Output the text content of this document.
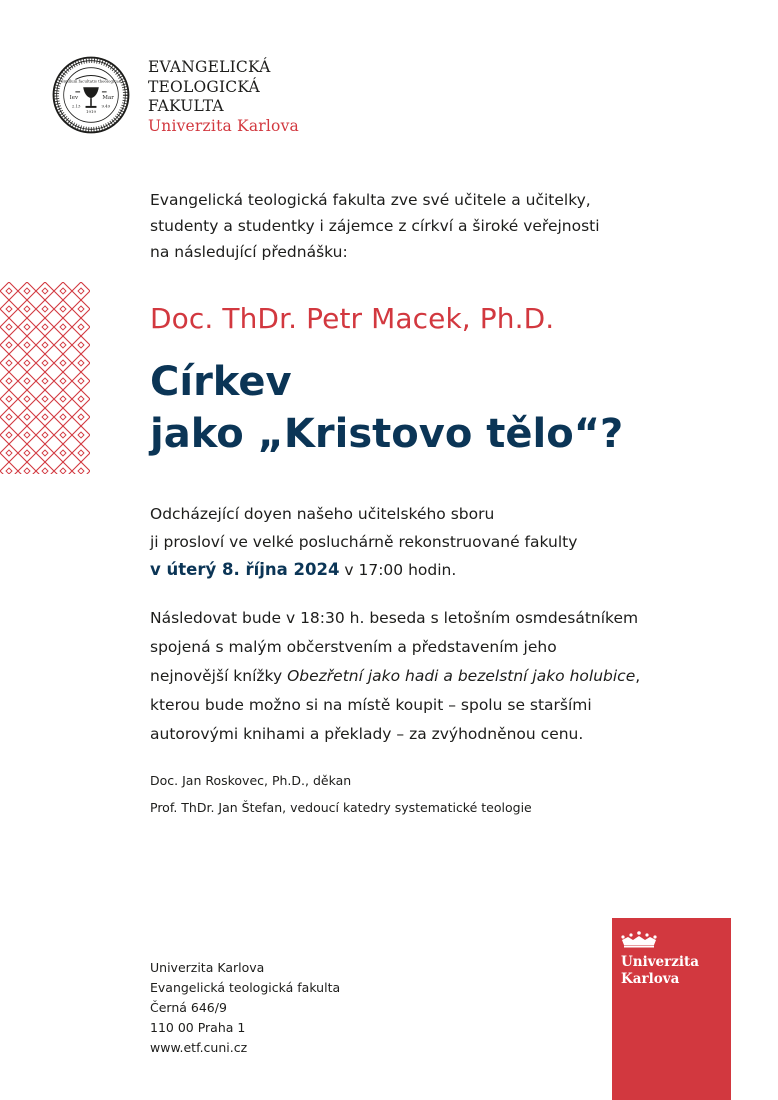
Sigillum facultatis theologicae
Iev	Mar
1919
2.13	9.49
EVANGELICKÁ
TEOLOGICKÁ
FAKULTA
Univerzita Karlova
Evangelická teologická fakulta zve své učitele a učitelky,
studenty a studentky i zájemce z církví a široké veřejnosti
na následující přednášku:
Doc. ThDr. Petr Macek, Ph.D.
Církev
jako „Kristovo tělo“?
Odcházející doyen našeho učitelského sboru
ji prosloví ve velké posluchárně rekonstruované fakulty
v úterý 8. října 2024 v 17:00 hodin.
Následovat bude v 18:30 h. beseda s letošním osmdesátníkem
spojená s malým občerstvením a představením jeho
nejnovější knížky Obezřetní jako hadi a bezelstní jako holubice,
kterou bude možno si na místě koupit – spolu se staršími
autorovými knihami a překlady – za zvýhodněnou cenu.
Doc. Jan Roskovec, Ph.D., děkan
Prof. ThDr. Jan Štefan, vedoucí katedry systematické teologie
Univerzita Karlova
Evangelická teologická fakulta
Černá 646/9
110 00 Praha 1
www.etf.cuni.cz
Univerzita
Karlova
